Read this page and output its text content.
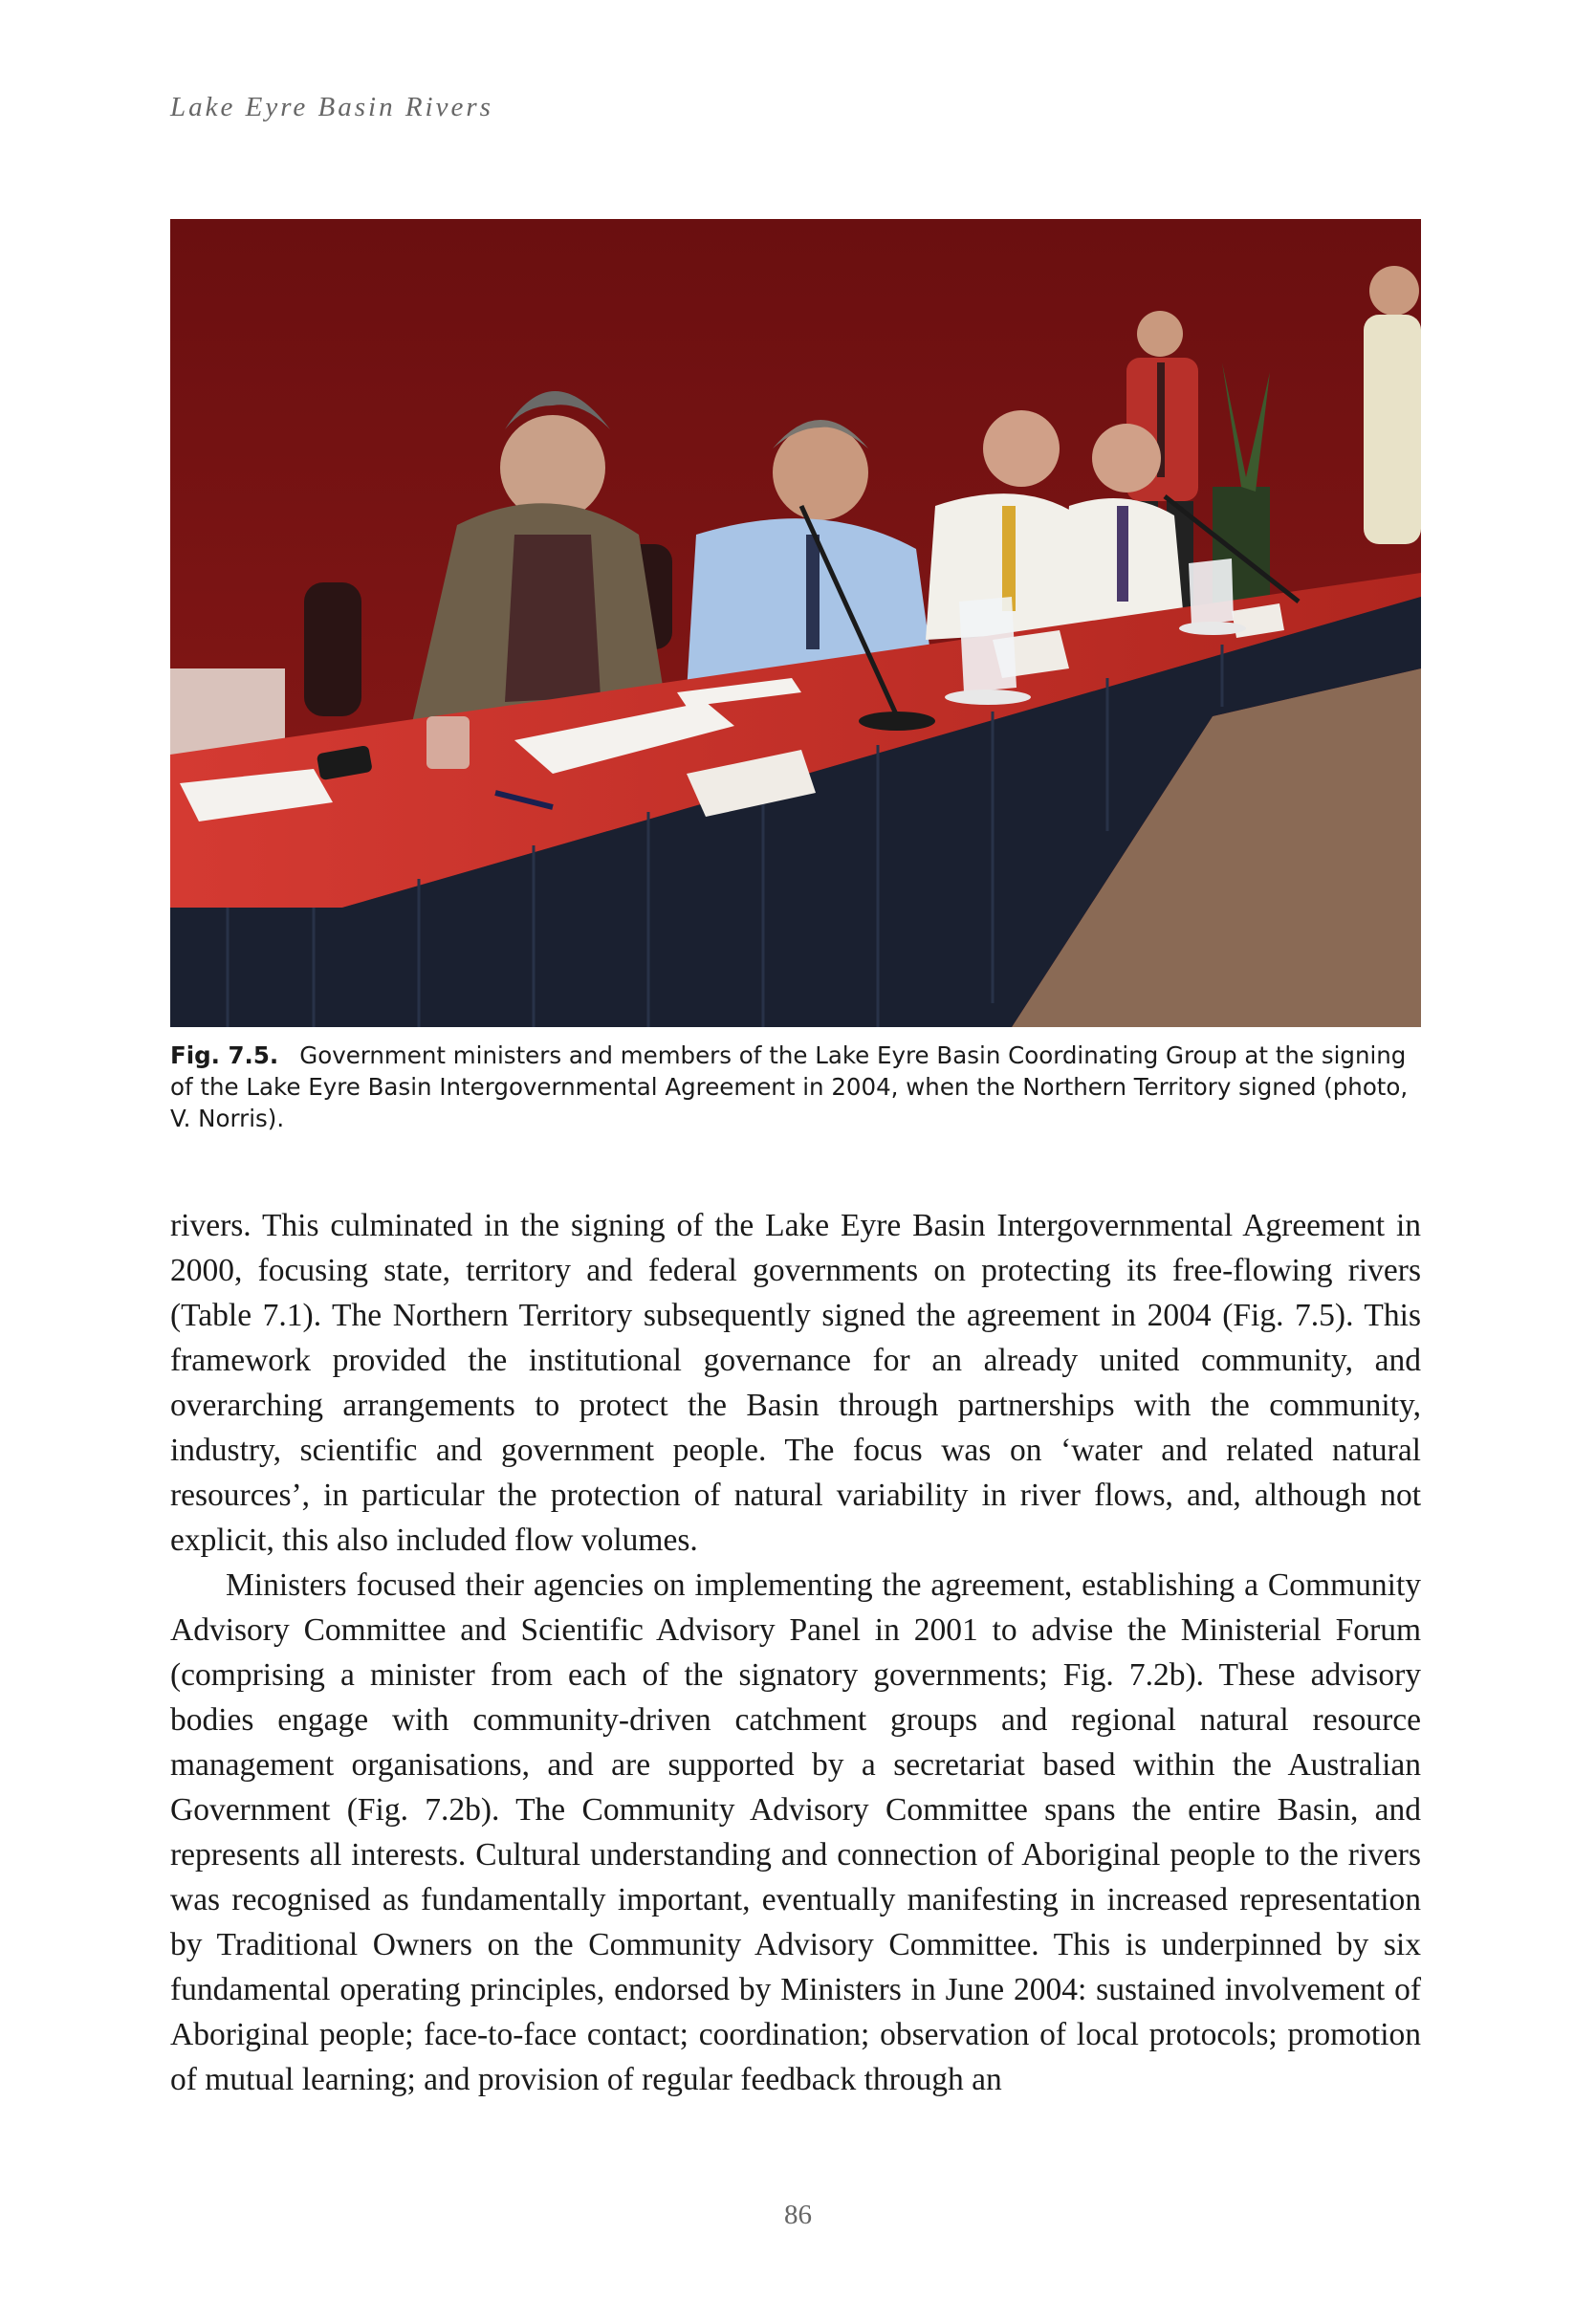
Lake Eyre Basin Rivers
Fig. 7.5. Government ministers and members of the Lake Eyre Basin Coordinating Group at the signing of the Lake Eyre Basin Intergovernmental Agreement in 2004, when the Northern Territory signed (photo, V. Norris).

rivers. This culminated in the signing of the Lake Eyre Basin Intergovernmental Agreement in 2000, focusing state, territory and federal governments on protecting its free-flowing rivers (Table 7.1). The Northern Territory subsequently signed the agreement in 2004 (Fig. 7.5). This framework provided the institutional governance for an already united community, and overarching arrangements to protect the Basin through partnerships with the community, industry, scientific and government people. The focus was on ‘water and related natural resources’, in particular the protection of natural variability in river flows, and, although not explicit, this also included flow volumes.

Ministers focused their agencies on implementing the agreement, establishing a Community Advisory Committee and Scientific Advisory Panel in 2001 to advise the Ministerial Forum (comprising a minister from each of the signatory governments; Fig. 7.2b). These advisory bodies engage with community-driven catchment groups and regional natural resource management organisations, and are supported by a secretariat based within the Australian Government (Fig. 7.2b). The Community Advisory Committee spans the entire Basin, and represents all interests. Cultural understanding and connection of Aboriginal people to the rivers was recognised as fundamentally important, eventually manifesting in increased representation by Traditional Owners on the Community Advisory Committee. This is underpinned by six fundamental operating principles, endorsed by Ministers in June 2004: sustained involvement of Aboriginal people; face-to-face contact; coordination; observation of local protocols; promotion of mutual learning; and provision of regular feedback through an

86
